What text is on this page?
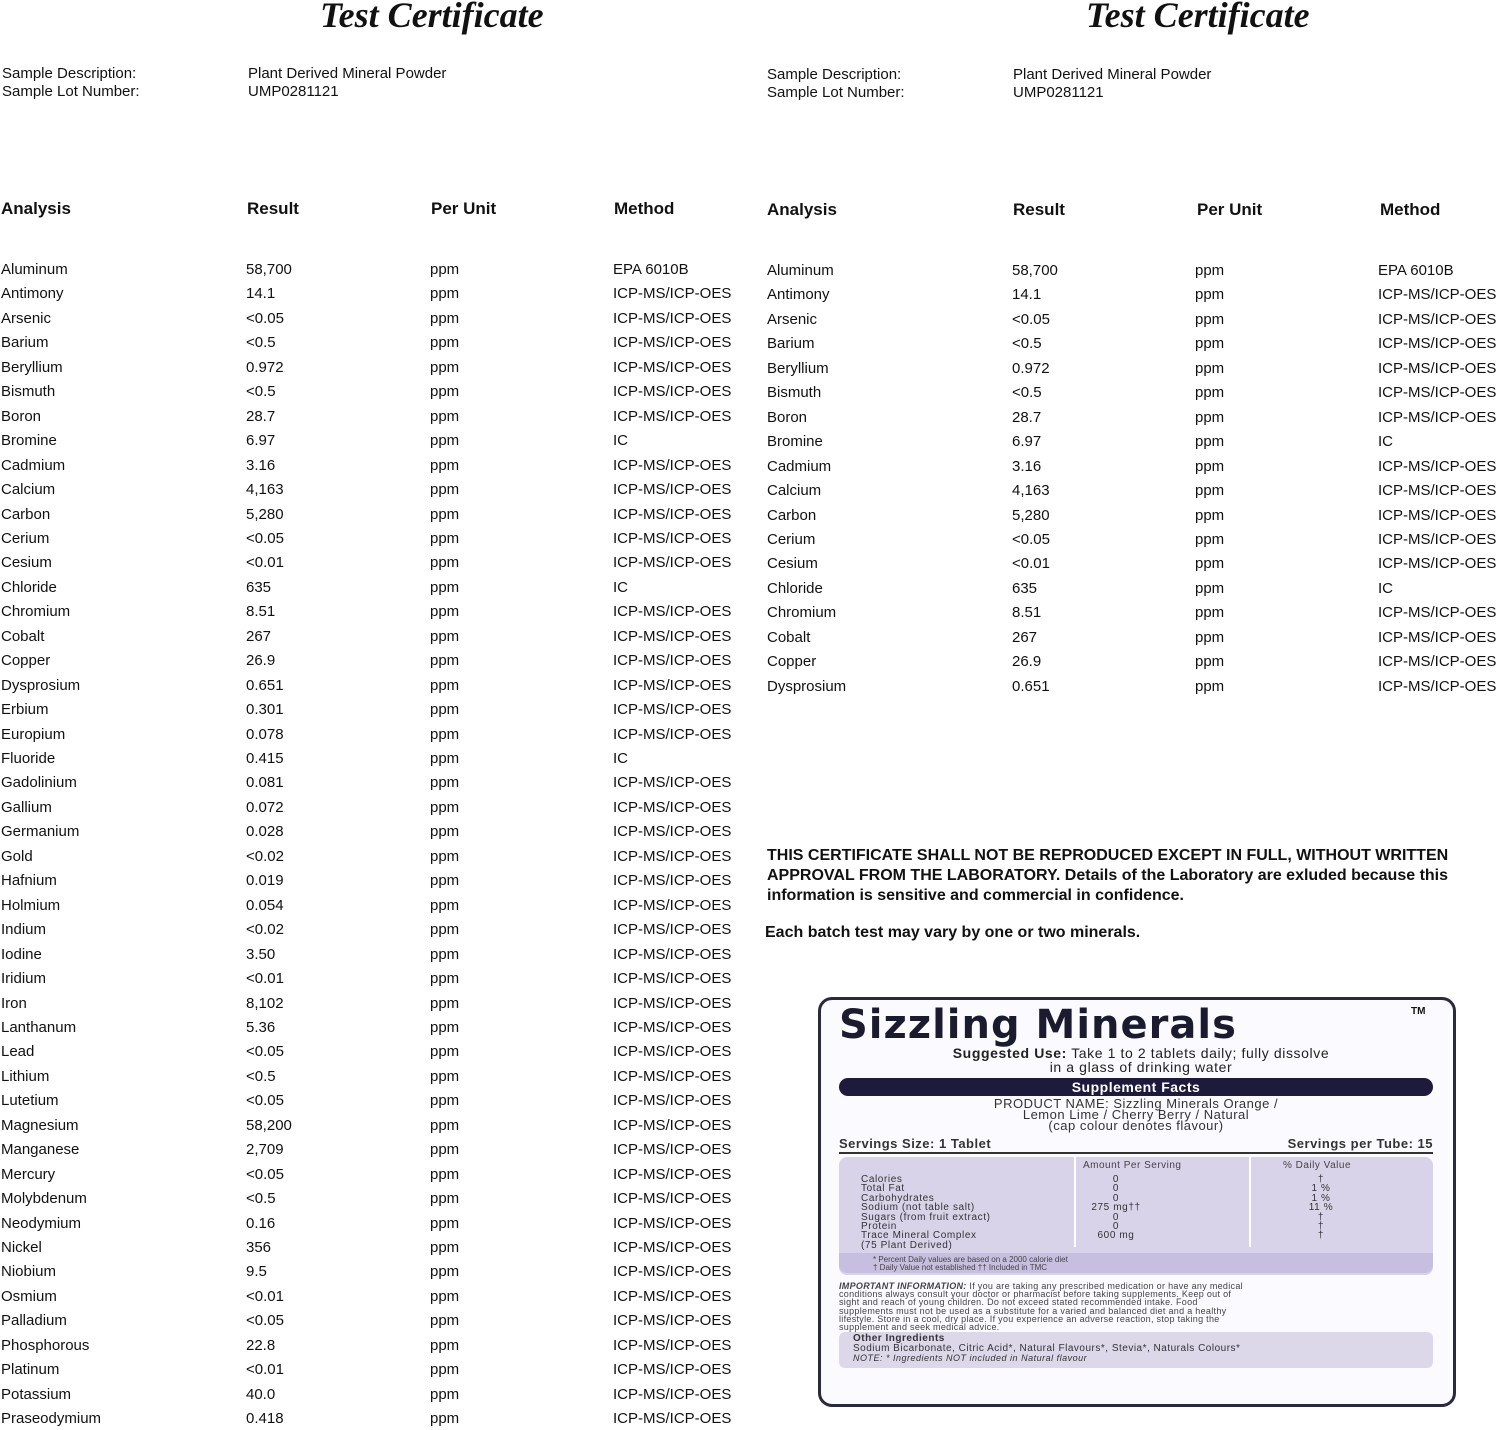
Test Certificate
Sample Description:	Plant Derived Mineral Powder
Sample Lot Number:	UMP0281121
Analysis	Result	Per Unit	Method
Aluminum	58,700	ppm	EPA 6010B
Antimony	14.1	ppm	ICP-MS/ICP-OES
Arsenic	<0.05	ppm	ICP-MS/ICP-OES
Barium	<0.5	ppm	ICP-MS/ICP-OES
Beryllium	0.972	ppm	ICP-MS/ICP-OES
Bismuth	<0.5	ppm	ICP-MS/ICP-OES
Boron	28.7	ppm	ICP-MS/ICP-OES
Bromine	6.97	ppm	IC
Cadmium	3.16	ppm	ICP-MS/ICP-OES
Calcium	4,163	ppm	ICP-MS/ICP-OES
Carbon	5,280	ppm	ICP-MS/ICP-OES
Cerium	<0.05	ppm	ICP-MS/ICP-OES
Cesium	<0.01	ppm	ICP-MS/ICP-OES
Chloride	635	ppm	IC
Chromium	8.51	ppm	ICP-MS/ICP-OES
Cobalt	267	ppm	ICP-MS/ICP-OES
Copper	26.9	ppm	ICP-MS/ICP-OES
Dysprosium	0.651	ppm	ICP-MS/ICP-OES
Erbium	0.301	ppm	ICP-MS/ICP-OES
Europium	0.078	ppm	ICP-MS/ICP-OES
Fluoride	0.415	ppm	IC
Gadolinium	0.081	ppm	ICP-MS/ICP-OES
Gallium	0.072	ppm	ICP-MS/ICP-OES
Germanium	0.028	ppm	ICP-MS/ICP-OES
Gold	<0.02	ppm	ICP-MS/ICP-OES
Hafnium	0.019	ppm	ICP-MS/ICP-OES
Holmium	0.054	ppm	ICP-MS/ICP-OES
Indium	<0.02	ppm	ICP-MS/ICP-OES
Iodine	3.50	ppm	ICP-MS/ICP-OES
Iridium	<0.01	ppm	ICP-MS/ICP-OES
Iron	8,102	ppm	ICP-MS/ICP-OES
Lanthanum	5.36	ppm	ICP-MS/ICP-OES
Lead	<0.05	ppm	ICP-MS/ICP-OES
Lithium	<0.5	ppm	ICP-MS/ICP-OES
Lutetium	<0.05	ppm	ICP-MS/ICP-OES
Magnesium	58,200	ppm	ICP-MS/ICP-OES
Manganese	2,709	ppm	ICP-MS/ICP-OES
Mercury	<0.05	ppm	ICP-MS/ICP-OES
Molybdenum	<0.5	ppm	ICP-MS/ICP-OES
Neodymium	0.16	ppm	ICP-MS/ICP-OES
Nickel	356	ppm	ICP-MS/ICP-OES
Niobium	9.5	ppm	ICP-MS/ICP-OES
Osmium	<0.01	ppm	ICP-MS/ICP-OES
Palladium	<0.05	ppm	ICP-MS/ICP-OES
Phosphorous	22.8	ppm	ICP-MS/ICP-OES
Platinum	<0.01	ppm	ICP-MS/ICP-OES
Potassium	40.0	ppm	ICP-MS/ICP-OES
Praseodymium	0.418	ppm	ICP-MS/ICP-OES
Test Certificate
Sample Description:	Plant Derived Mineral Powder
Sample Lot Number:	UMP0281121
Analysis	Result	Per Unit	Method
Aluminum	58,700	ppm	EPA 6010B
Antimony	14.1	ppm	ICP-MS/ICP-OES
Arsenic	<0.05	ppm	ICP-MS/ICP-OES
Barium	<0.5	ppm	ICP-MS/ICP-OES
Beryllium	0.972	ppm	ICP-MS/ICP-OES
Bismuth	<0.5	ppm	ICP-MS/ICP-OES
Boron	28.7	ppm	ICP-MS/ICP-OES
Bromine	6.97	ppm	IC
Cadmium	3.16	ppm	ICP-MS/ICP-OES
Calcium	4,163	ppm	ICP-MS/ICP-OES
Carbon	5,280	ppm	ICP-MS/ICP-OES
Cerium	<0.05	ppm	ICP-MS/ICP-OES
Cesium	<0.01	ppm	ICP-MS/ICP-OES
Chloride	635	ppm	IC
Chromium	8.51	ppm	ICP-MS/ICP-OES
Cobalt	267	ppm	ICP-MS/ICP-OES
Copper	26.9	ppm	ICP-MS/ICP-OES
Dysprosium	0.651	ppm	ICP-MS/ICP-OES
THIS CERTIFICATE SHALL NOT BE REPRODUCED EXCEPT IN FULL, WITHOUT WRITTEN APPROVAL FROM THE LABORATORY. Details of the Laboratory are exluded because this information is sensitive and commercial in confidence.
Each batch test may vary by one or two minerals.
Sizzling Minerals	TM
Suggested Use: Take 1 to 2 tablets daily; fully dissolve
in a glass of drinking water
Supplement Facts
PRODUCT NAME: Sizzling Minerals Orange /
Lemon Lime / Cherry Berry / Natural
(cap colour denotes flavour)
Servings Size: 1 Tablet	Servings per Tube: 15
Amount Per Serving	% Daily Value
* Percent Daily values are based on a 2000 calorie diet
† Daily Value not established †† Included in TMC
Calories	0	†
Total Fat	0	1 %
Carbohydrates	0	1 %
Sodium (not table salt)	275 mg††	11 %
Sugars (from fruit extract)	0	†
Protein	0	†
Trace Mineral Complex	600 mg	†
(75 Plant Derived)
IMPORTANT INFORMATION: If you are taking any prescribed medication or have any medical
conditions always consult your doctor or pharmacist before taking supplements. Keep out of
sight and reach of young children. Do not exceed stated recommended intake. Food
supplements must not be used as a substitute for a varied and balanced diet and a healthy
lifestyle. Store in a cool, dry place. If you experience an adverse reaction, stop taking the
supplement and seek medical advice.
Other Ingredients
Sodium Bicarbonate, Citric Acid*, Natural Flavours*, Stevia*, Naturals Colours*
NOTE: * Ingredients NOT included in Natural flavour
